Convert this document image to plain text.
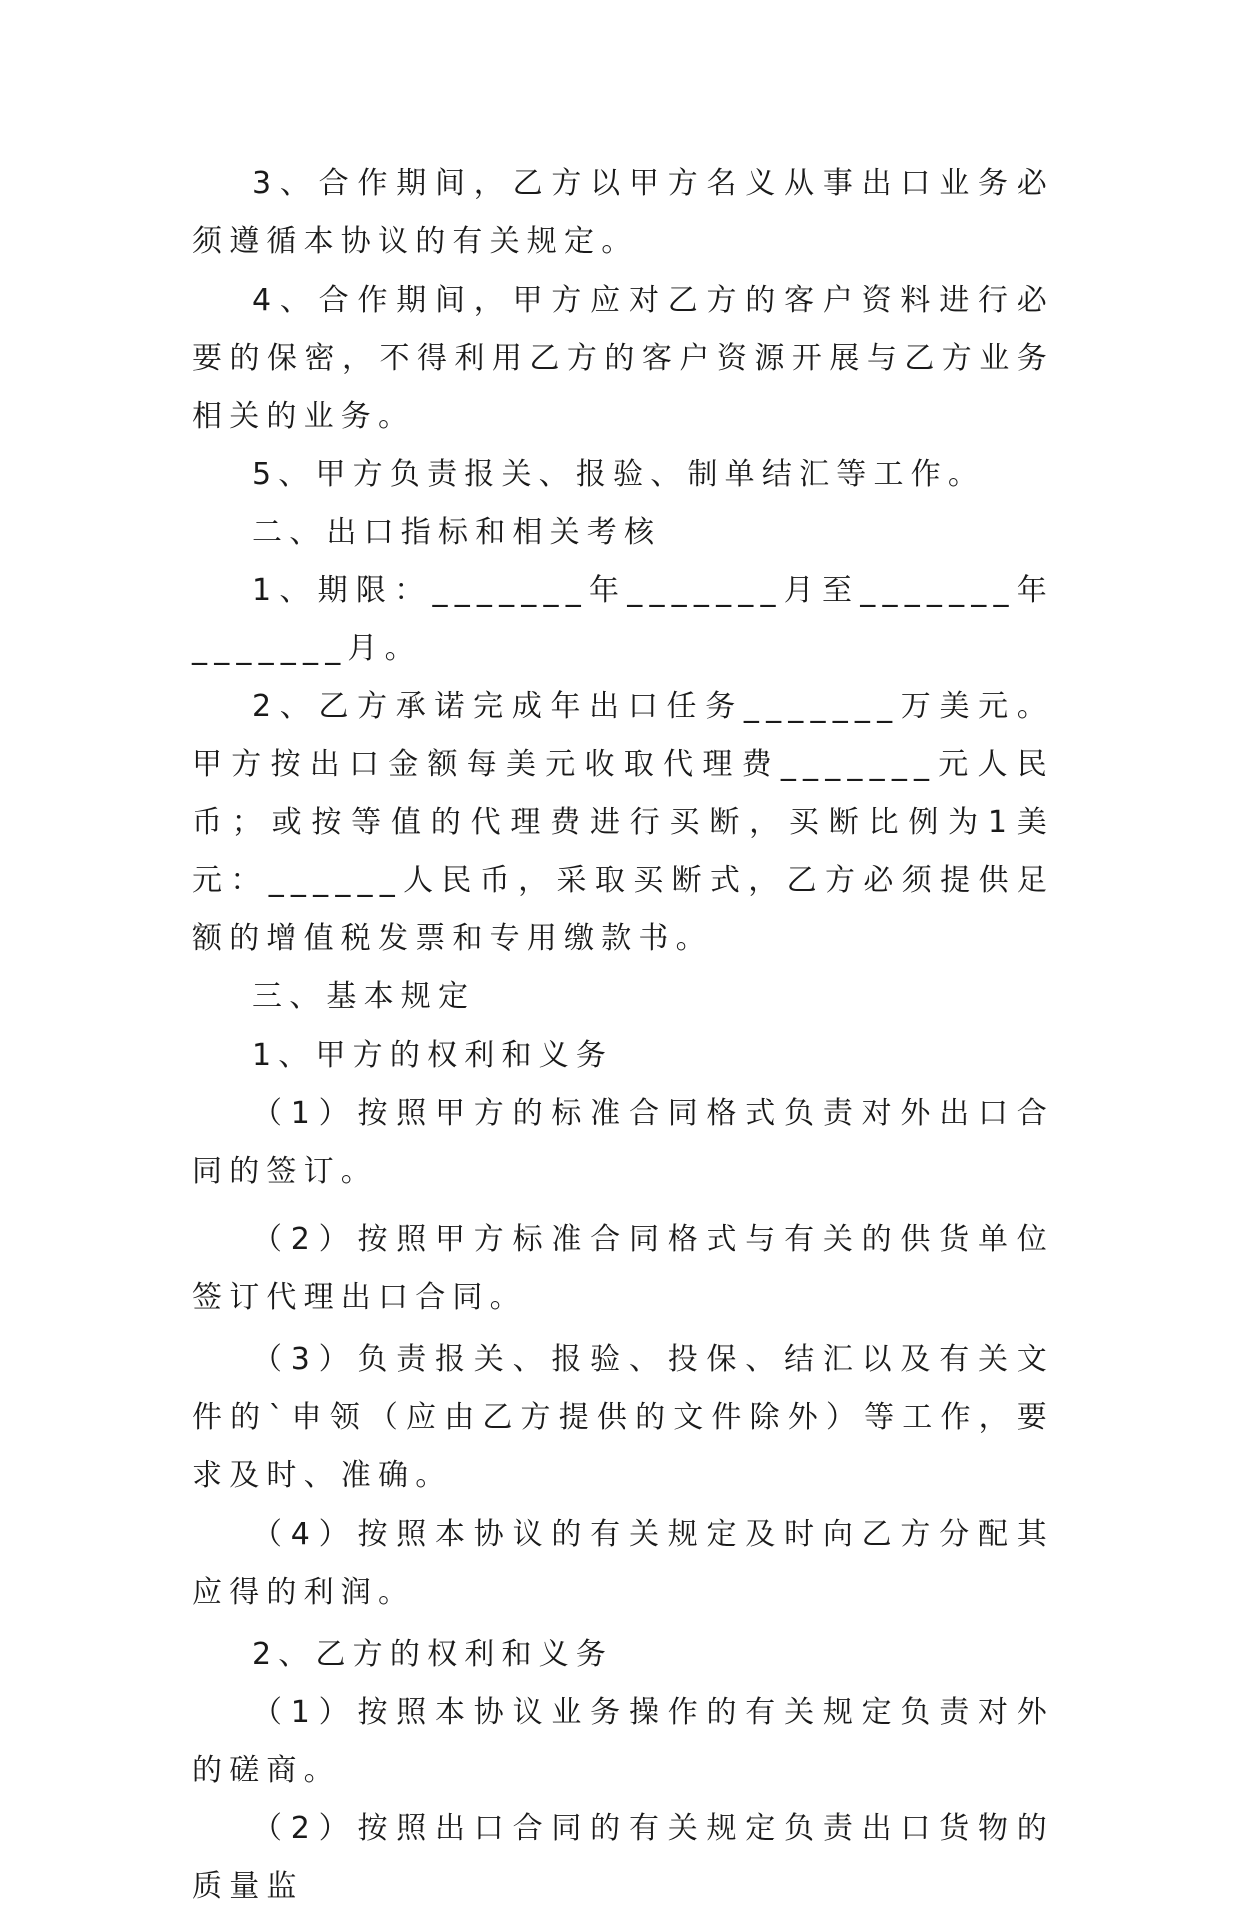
3、合作期间，乙方以甲方名义从事出口业务必须遵循本协议的有关规定。

4、合作期间，甲方应对乙方的客户资料进行必要的保密，不得利用乙方的客户资源开展与乙方业务相关的业务。

5、甲方负责报关、报验、制单结汇等工作。

二、出口指标和相关考核

1、期限：_______年_______月至_______年_______月。

2、乙方承诺完成年出口任务_______万美元。甲方按出口金额每美元收取代理费_______元人民币；或按等值的代理费进行买断，买断比例为1美元：______人民币，采取买断式，乙方必须提供足额的增值税发票和专用缴款书。

三、基本规定

1、甲方的权利和义务

（1）按照甲方的标准合同格式负责对外出口合同的签订。

（2）按照甲方标准合同格式与有关的供货单位签订代理出口合同。

（3）负责报关、报验、投保、结汇以及有关文件的`申领（应由乙方提供的文件除外）等工作，要求及时、准确。

（4）按照本协议的有关规定及时向乙方分配其应得的利润。

2、乙方的权利和义务

（1）按照本协议业务操作的有关规定负责对外的磋商。

（2）按照出口合同的有关规定负责出口货物的质量监
